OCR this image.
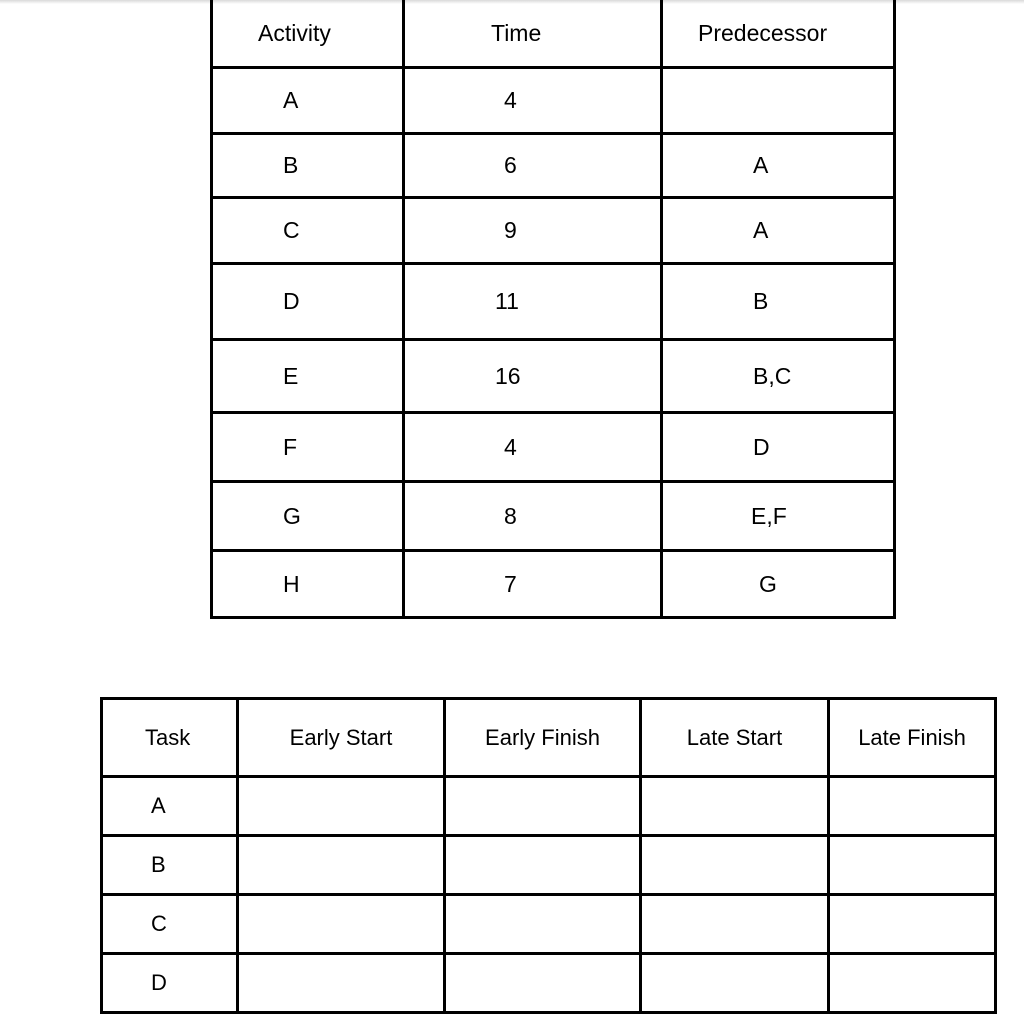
Activity	Time	Predecessor
A	4	
B	6	A
C	9	A
D	11	B
E	16	B,C
F	4	D
G	8	E,F
H	7	G
Task	Early Start	Early Finish	Late Start	Late Finish
A				
B				
C				
D				
